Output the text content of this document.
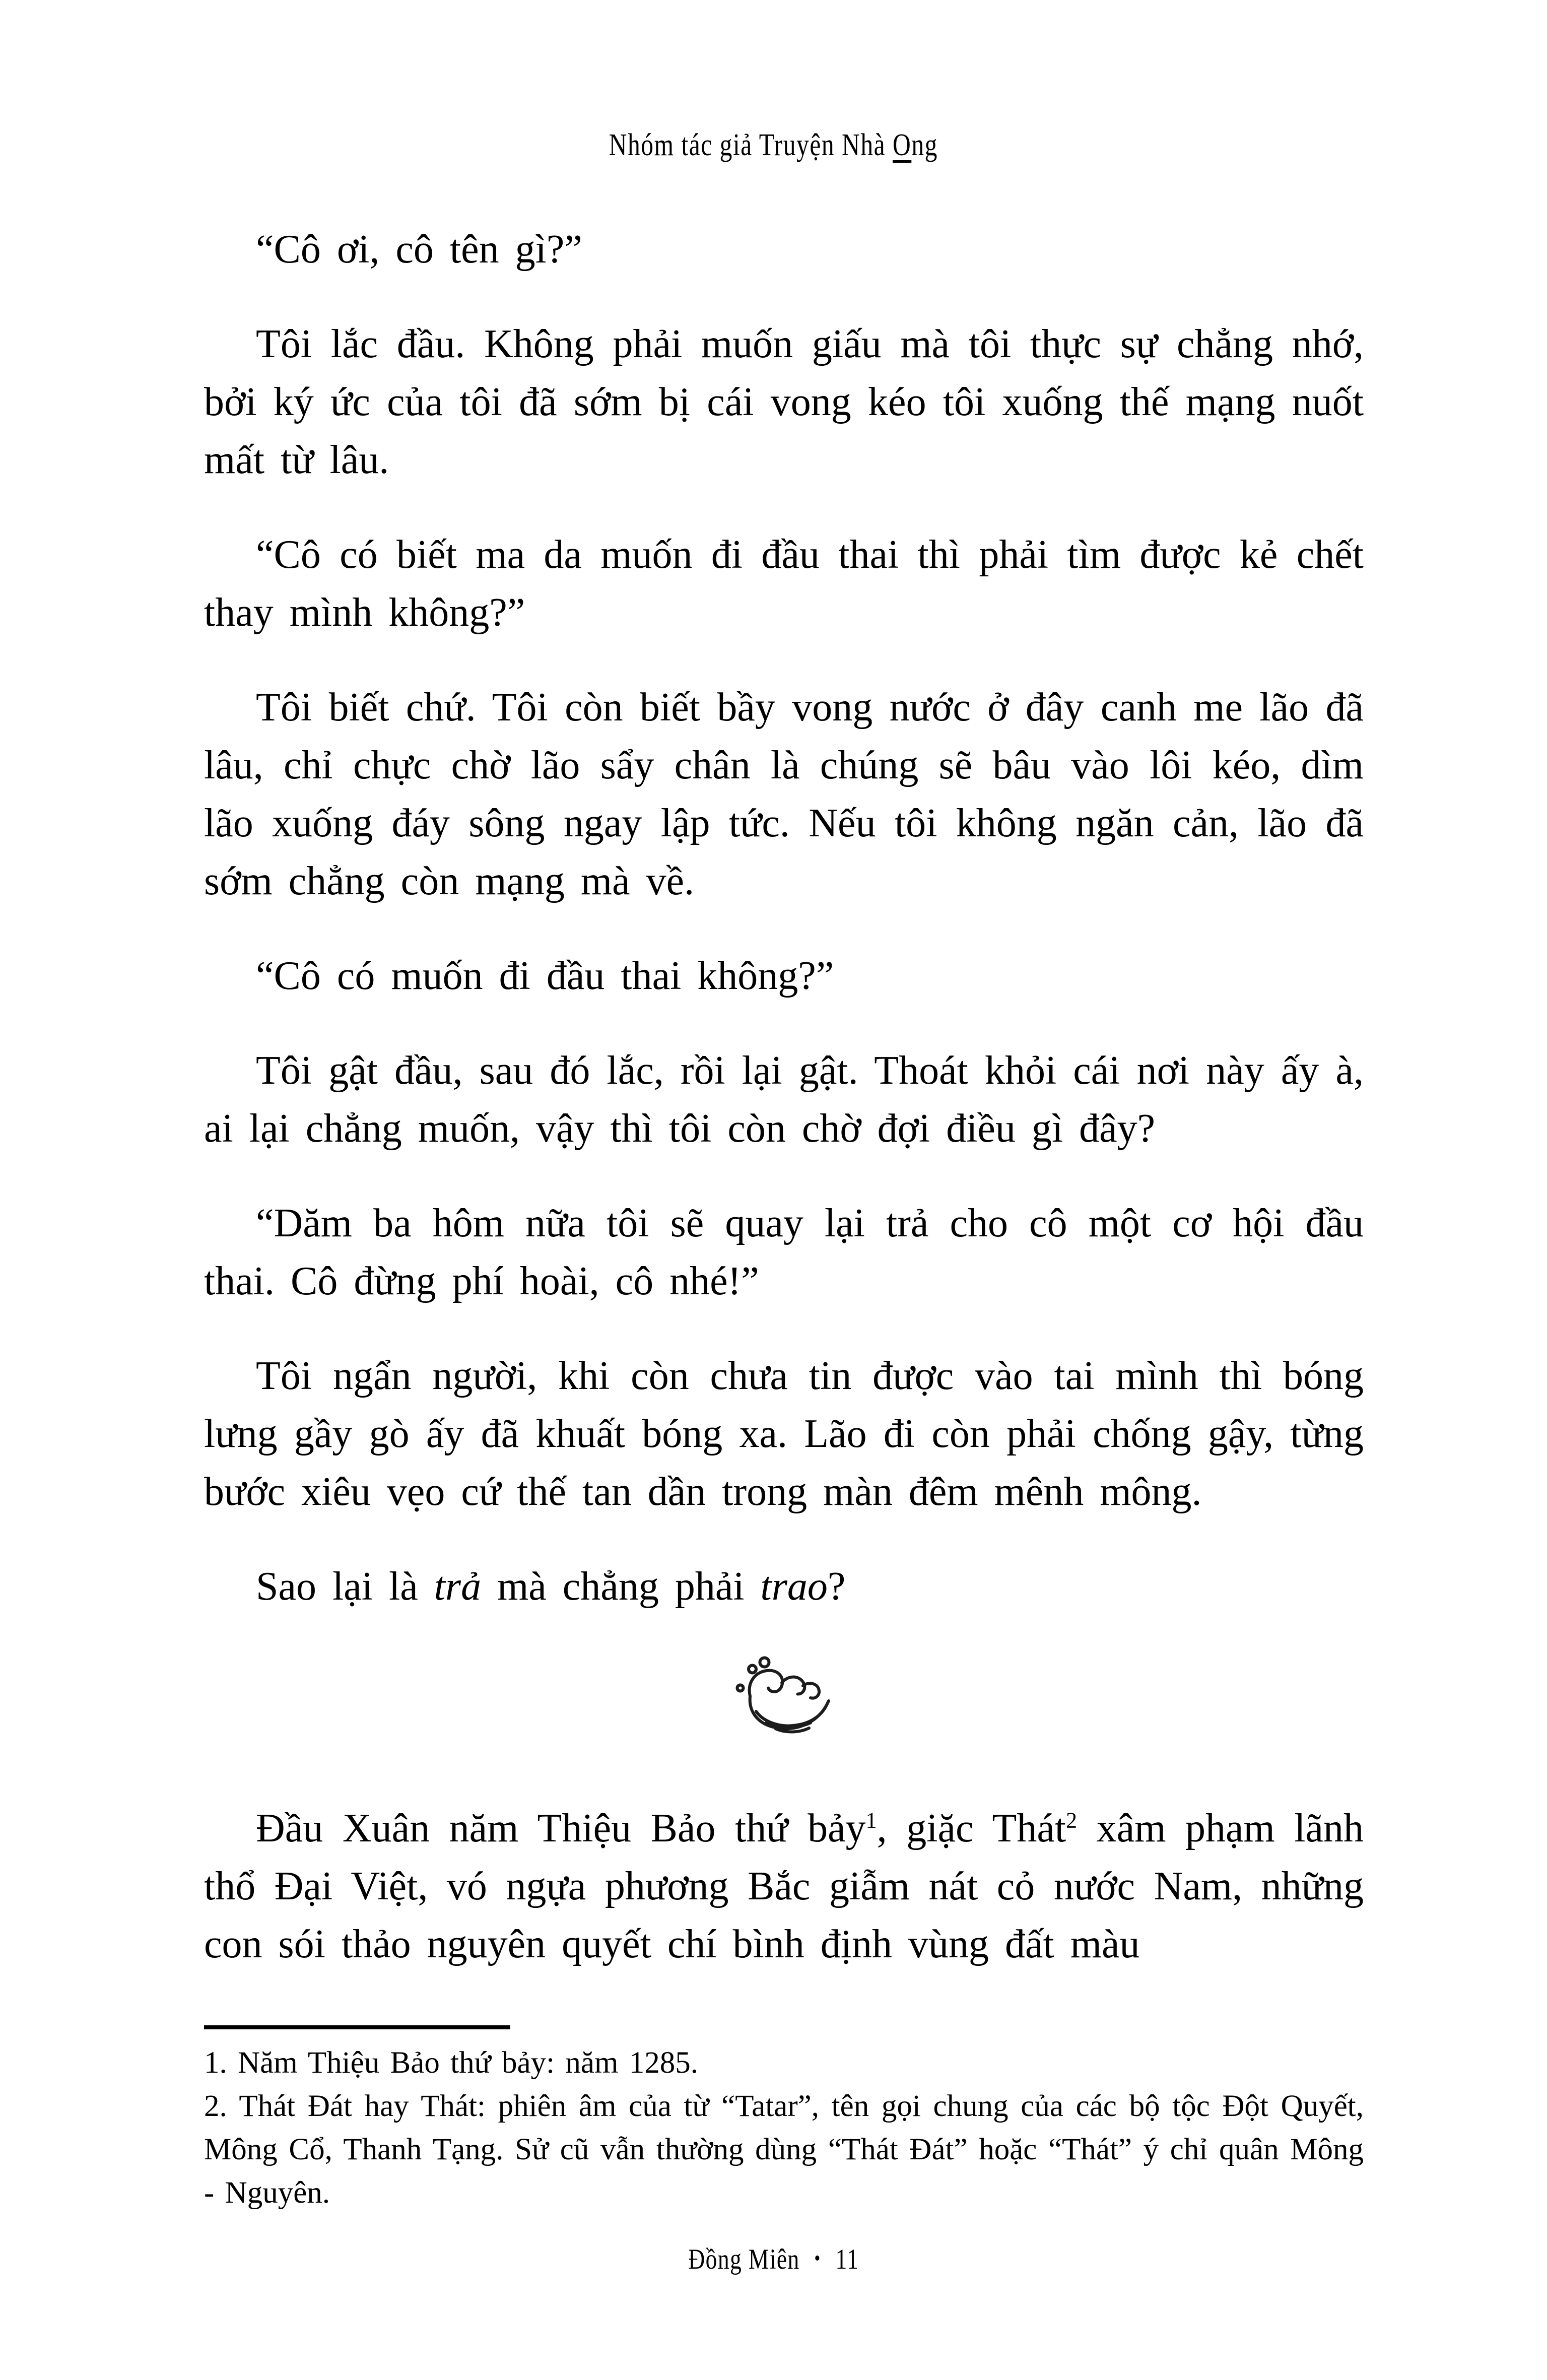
Nhóm tác giả Truyện Nhà Ong

“Cô ơi, cô tên gì?”

Tôi lắc đầu. Không phải muốn giấu mà tôi thực sự chẳng nhớ, bởi ký ức của tôi đã sớm bị cái vong kéo tôi xuống thế mạng nuốt mất từ lâu.

“Cô có biết ma da muốn đi đầu thai thì phải tìm được kẻ chết thay mình không?”

Tôi biết chứ. Tôi còn biết bầy vong nước ở đây canh me lão đã lâu, chỉ chực chờ lão sẩy chân là chúng sẽ bâu vào lôi kéo, dìm lão xuống đáy sông ngay lập tức. Nếu tôi không ngăn cản, lão đã sớm chẳng còn mạng mà về.

“Cô có muốn đi đầu thai không?”

Tôi gật đầu, sau đó lắc, rồi lại gật. Thoát khỏi cái nơi này ấy à, ai lại chẳng muốn, vậy thì tôi còn chờ đợi điều gì đây?

“Dăm ba hôm nữa tôi sẽ quay lại trả cho cô một cơ hội đầu thai. Cô đừng phí hoài, cô nhé!”

Tôi ngẩn người, khi còn chưa tin được vào tai mình thì bóng lưng gầy gò ấy đã khuất bóng xa. Lão đi còn phải chống gậy, từng bước xiêu vẹo cứ thế tan dần trong màn đêm mênh mông.

Sao lại là trả mà chẳng phải trao?

Đầu Xuân năm Thiệu Bảo thứ bảy$^1$, giặc Thát$^2$ xâm phạm lãnh thổ Đại Việt, vó ngựa phương Bắc giẫm nát cỏ nước Nam, những con sói thảo nguyên quyết chí bình định vùng đất màu

1. Năm Thiệu Bảo thứ bảy: năm 1285.

2. Thát Đát hay Thát: phiên âm của từ “Tatar”, tên gọi chung của các bộ tộc Đột Quyết, Mông Cổ, Thanh Tạng. Sử cũ vẫn thường dùng “Thát Đát” hoặc “Thát” ý chỉ quân Mông - Nguyên.

Đồng Miên • 11
